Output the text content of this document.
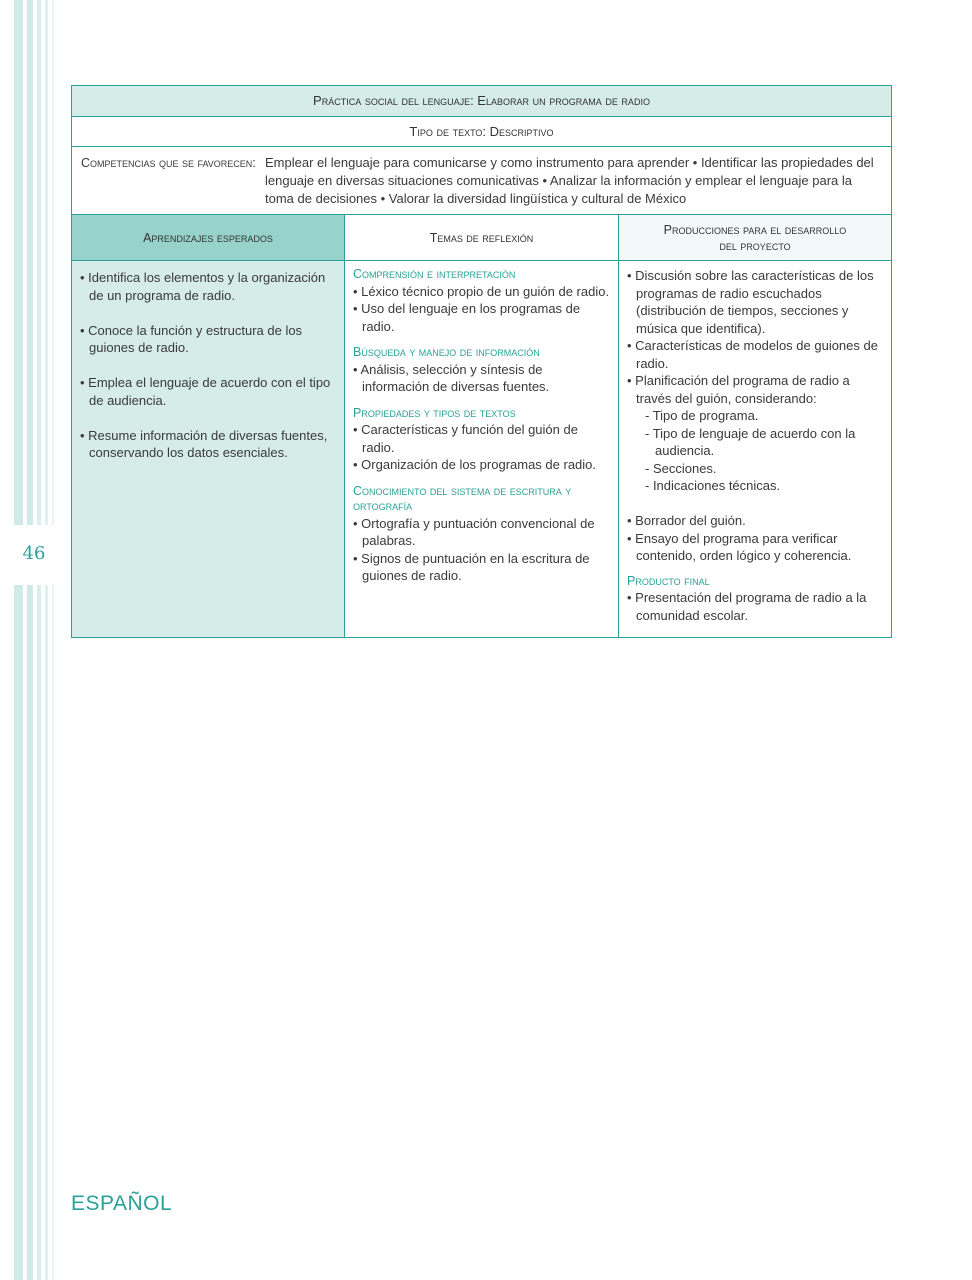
46
Práctica social del lenguaje: Elaborar un programa de radio
Tipo de texto: Descriptivo
Competencias que se favorecen: Emplear el lenguaje para comunicarse y como instrumento para aprender • Identificar las propiedades del lenguaje en diversas situaciones comunicativas • Analizar la información y emplear el lenguaje para la toma de decisiones • Valorar la diversidad lingüística y cultural de México
Aprendizajes esperados
• Identifica los elementos y la organización de un programa de radio.
• Conoce la función y estructura de los guiones de radio.
• Emplea el lenguaje de acuerdo con el tipo de audiencia.
• Resume información de diversas fuentes, conservando los datos esenciales.
Temas de reflexión
Comprensión e interpretación
• Léxico técnico propio de un guión de radio.
• Uso del lenguaje en los programas de radio.
Búsqueda y manejo de información
• Análisis, selección y síntesis de información de diversas fuentes.
Propiedades y tipos de textos
• Características y función del guión de radio.
• Organización de los programas de radio.
Conocimiento del sistema de escritura y ortografía
• Ortografía y puntuación convencional de palabras.
• Signos de puntuación en la escritura de guiones de radio.
Producciones para el desarrollo
del proyecto
• Discusión sobre las características de los programas de radio escuchados (distribución de tiempos, secciones y música que identifica).
• Características de modelos de guiones de radio.
• Planificación del programa de radio a través del guión, considerando:
- Tipo de programa.
- Tipo de lenguaje de acuerdo con la audiencia.
- Secciones.
- Indicaciones técnicas.
• Borrador del guión.
• Ensayo del programa para verificar contenido, orden lógico y coherencia.
Producto final
• Presentación del programa de radio a la comunidad escolar.
ESPAÑOL
